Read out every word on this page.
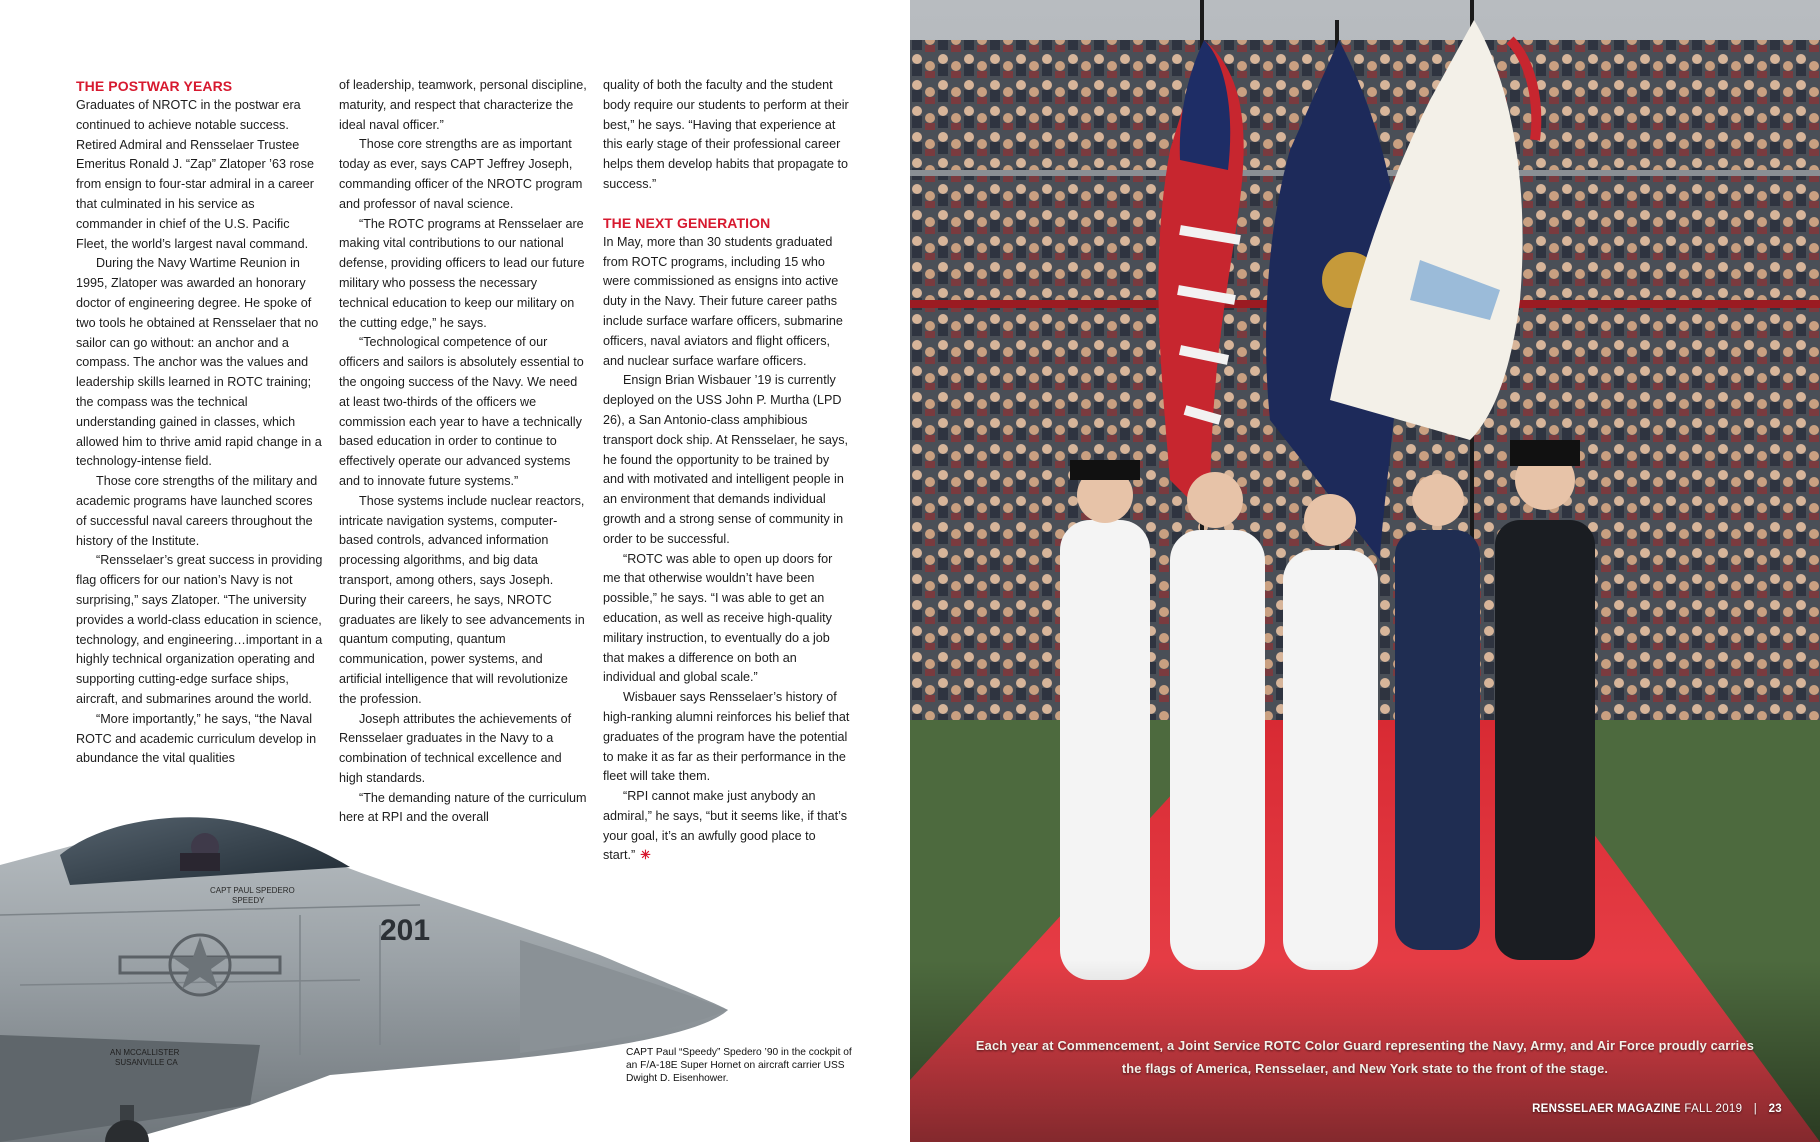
THE POSTWAR YEARS

Graduates of NROTC in the postwar era continued to achieve notable success. Retired Admiral and Rensselaer Trustee Emeritus Ronald J. “Zap” Zlatoper ’63 rose from ensign to four-star admiral in a career that culminated in his service as commander in chief of the U.S. Pacific Fleet, the world’s largest naval command.

During the Navy Wartime Reunion in 1995, Zlatoper was awarded an honorary doctor of engineering degree. He spoke of two tools he obtained at Rensselaer that no sailor can go without: an anchor and a compass. The anchor was the values and leadership skills learned in ROTC training; the compass was the technical understanding gained in classes, which allowed him to thrive amid rapid change in a technology-intense field.

Those core strengths of the military and academic programs have launched scores of successful naval careers throughout the history of the Institute.

“Rensselaer’s great success in providing flag officers for our nation’s Navy is not surprising,” says Zlatoper. “The university provides a world-class education in science, technology, and engineering…important in a highly technical organization operating and supporting cutting-edge surface ships, aircraft, and submarines around the world.

“More importantly,” he says, “the Naval ROTC and academic curriculum develop in abundance the vital qualities

of leadership, teamwork, personal discipline, maturity, and respect that characterize the ideal naval officer.”

Those core strengths are as important today as ever, says CAPT Jeffrey Joseph, commanding officer of the NROTC program and professor of naval science.

“The ROTC programs at Rensselaer are making vital contributions to our national defense, providing officers to lead our future military who possess the necessary technical education to keep our military on the cutting edge,” he says.

“Technological competence of our officers and sailors is absolutely essential to the ongoing success of the Navy. We need at least two-thirds of the officers we commission each year to have a technically based education in order to continue to effectively operate our advanced systems and to innovate future systems.”

Those systems include nuclear reactors, intricate navigation systems, computer-based controls, advanced information processing algorithms, and big data transport, among others, says Joseph. During their careers, he says, NROTC graduates are likely to see advancements in quantum computing, quantum communication, power systems, and artificial intelligence that will revolutionize the profession.

Joseph attributes the achievements of Rensselaer graduates in the Navy to a combination of technical excellence and high standards.

“The demanding nature of the curriculum here at RPI and the overall

quality of both the faculty and the student body require our students to perform at their best,” he says. “Having that experience at this early stage of their professional career helps them develop habits that propagate to success.”

THE NEXT GENERATION

In May, more than 30 students graduated from ROTC programs, including 15 who were commissioned as ensigns into active duty in the Navy. Their future career paths include surface warfare officers, submarine officers, naval aviators and flight officers, and nuclear surface warfare officers.

Ensign Brian Wisbauer ’19 is currently deployed on the USS John P. Murtha (LPD 26), a San Antonio-class amphibious transport dock ship. At Rensselaer, he says, he found the opportunity to be trained by and with motivated and intelligent people in an environment that demands individual growth and a strong sense of community in order to be successful.

“ROTC was able to open up doors for me that otherwise wouldn’t have been possible,” he says. “I was able to get an education, as well as receive high-quality military instruction, to eventually do a job that makes a difference on both an individual and global scale.”

Wisbauer says Rensselaer’s history of high-ranking alumni reinforces his belief that graduates of the program have the potential to make it as far as their performance in the fleet will take them.

“RPI cannot make just anybody an admiral,” he says, “but it seems like, if that’s your goal, it’s an awfully good place to start.” ✳

CAPT PAUL SPEDERO
SPEEDY
201
AN MCCALLISTER
SUSANVILLE CA
CAPT Paul “Speedy” Spedero ’90 in the cockpit of an F/A-18E Super Hornet on aircraft carrier USS Dwight D. Eisenhower.
Each year at Commencement, a Joint Service ROTC Color Guard representing the Navy, Army, and Air Force proudly carries the flags of America, Rensselaer, and New York state to the front of the stage.
RENSSELAER MAGAZINE FALL 2019 | 23
